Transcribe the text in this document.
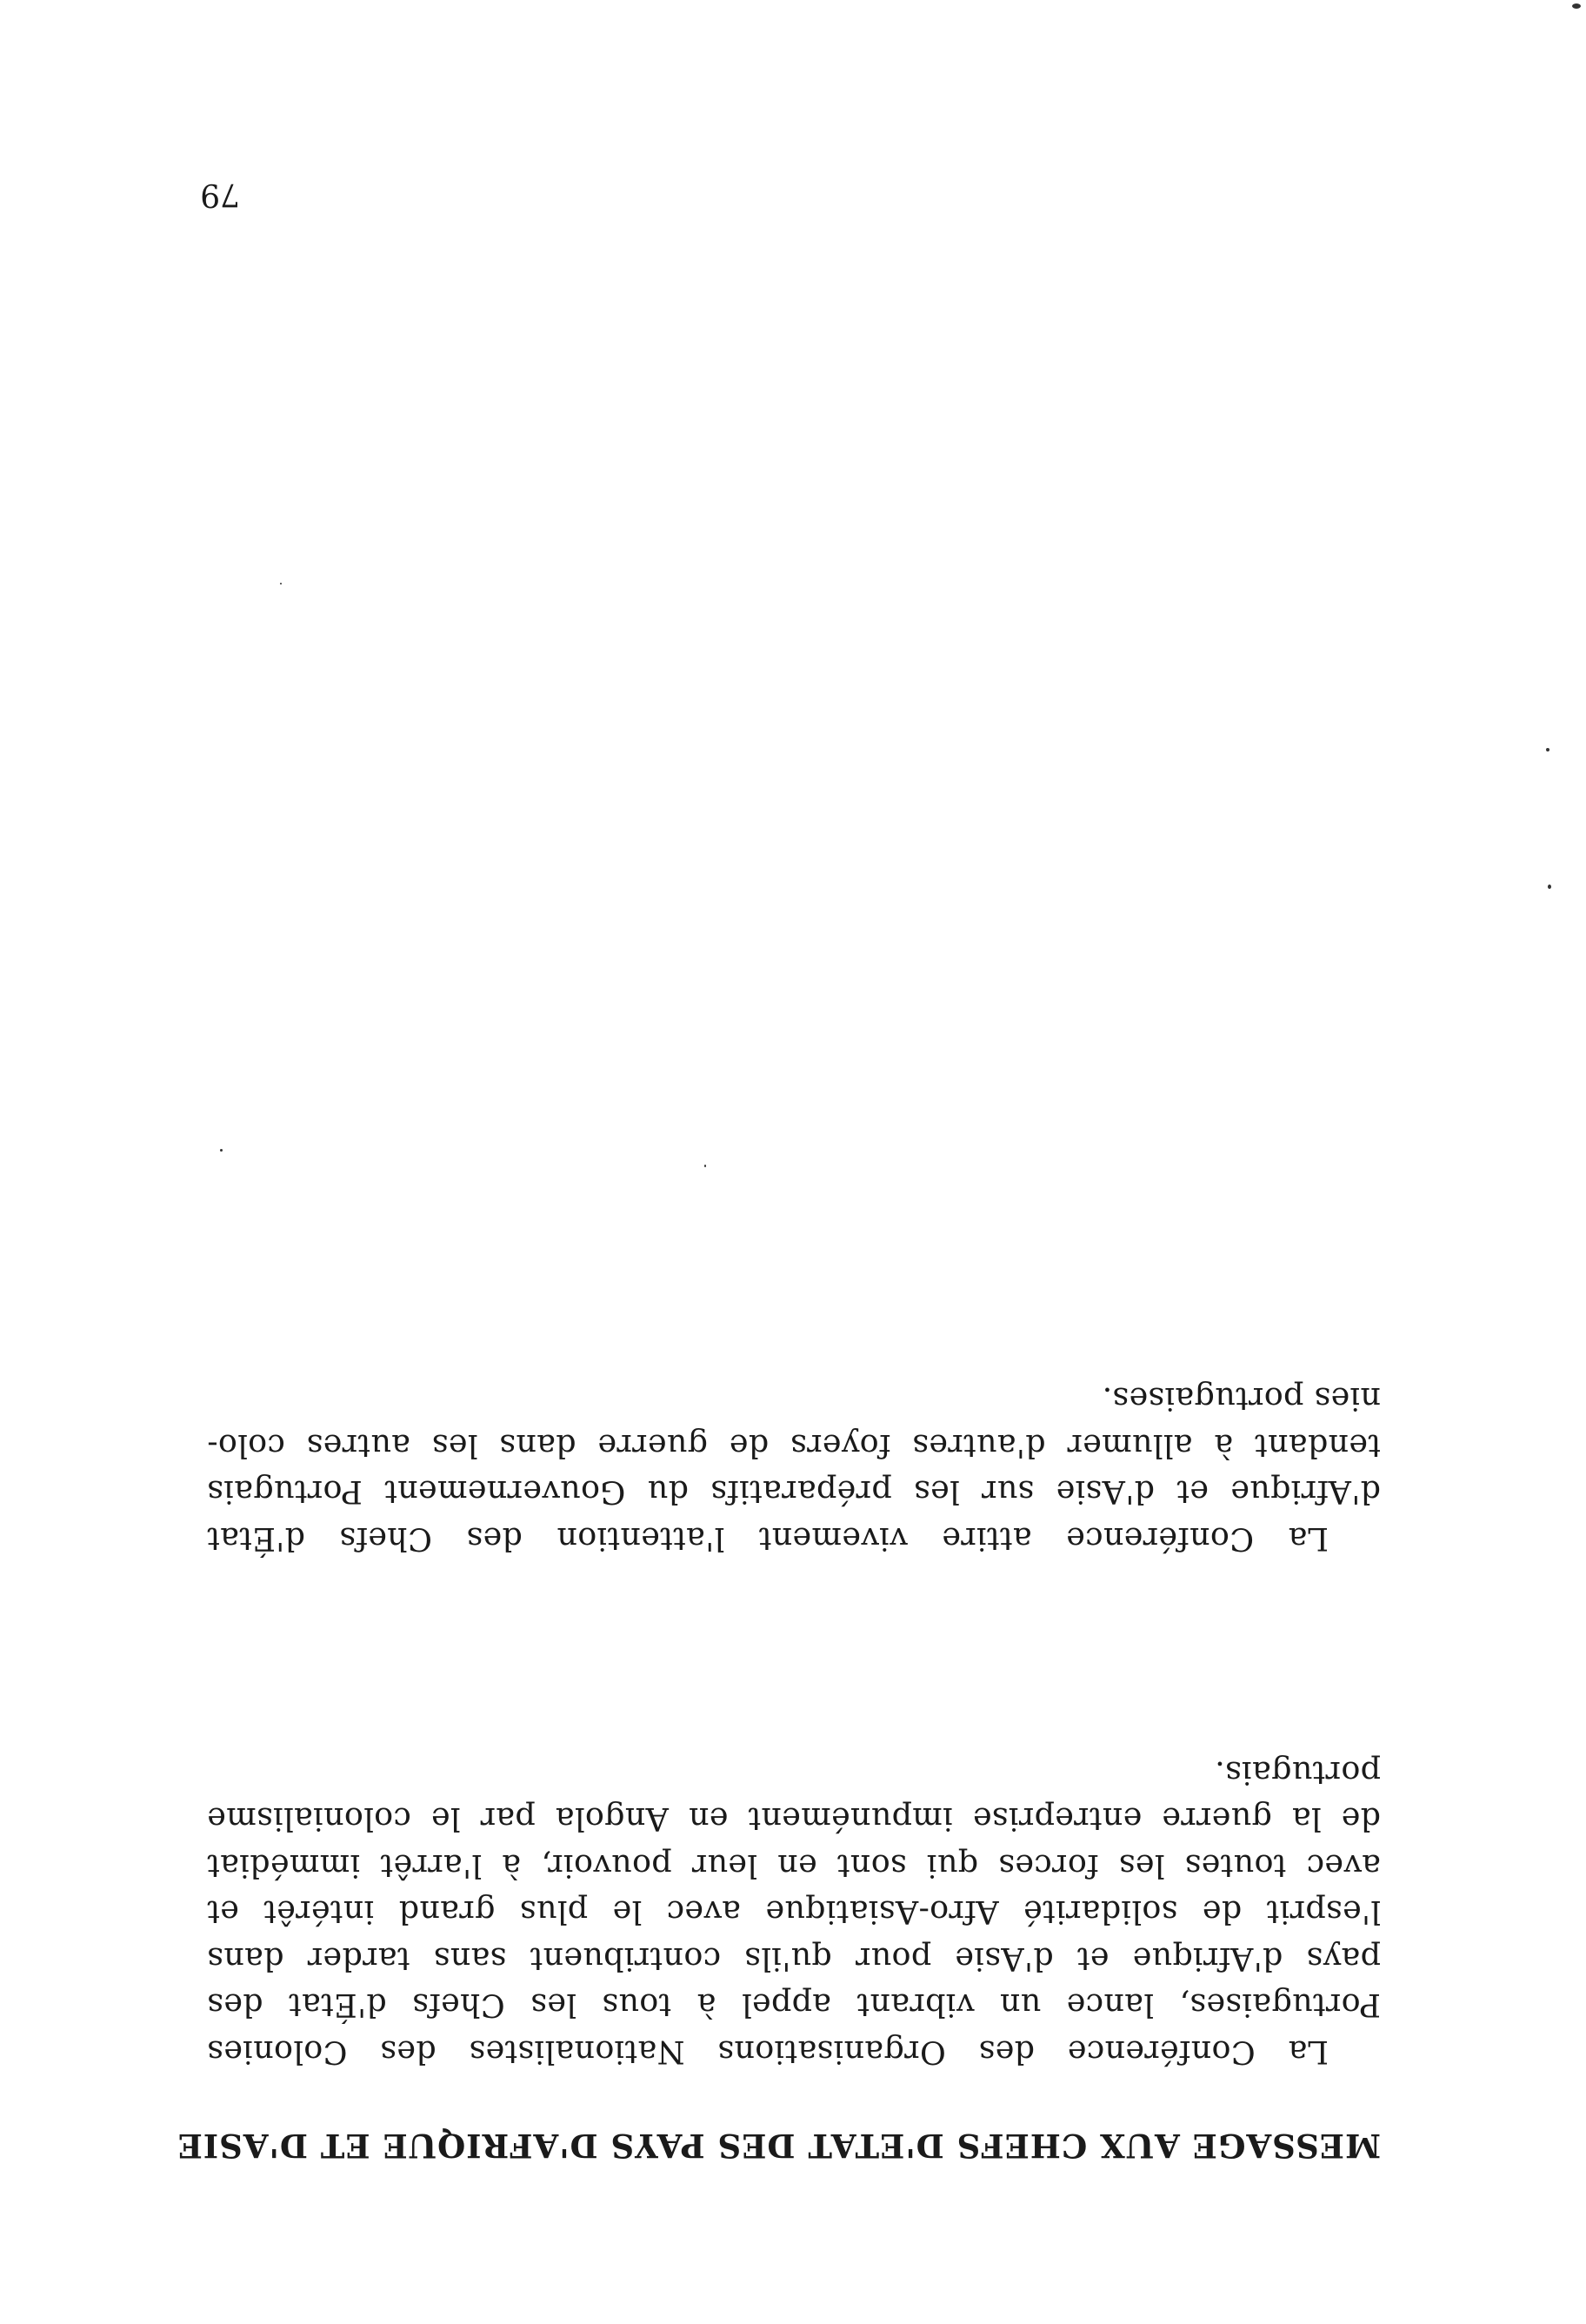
MESSAGE AUX CHEFS D'ETAT DES PAYS D'AFRIQUE ET D'ASIE
La Conférence des Organisations Nationalistes des Colonies
Portugaises, lance un vibrant appel à tous les Chefs d'État des
pays d'Afrique et d'Asie pour qu'ils contribuent sans tarder dans
l'esprit de solidarité Afro-Asiatique avec le plus grand intérêt et
avec toutes les forces qui sont en leur pouvoir, à l'arrêt immédiat
de la guerre entreprise impunément en Angola par le colonialisme
portugais.
La Conférence attire vivement l'attention des Chefs d'État
d'Afrique et d'Asie sur les préparatifs du Gouvernement Portugais
tendant à allumer d'autres foyers de guerre dans les autres colo-
nies portugaises.
79
